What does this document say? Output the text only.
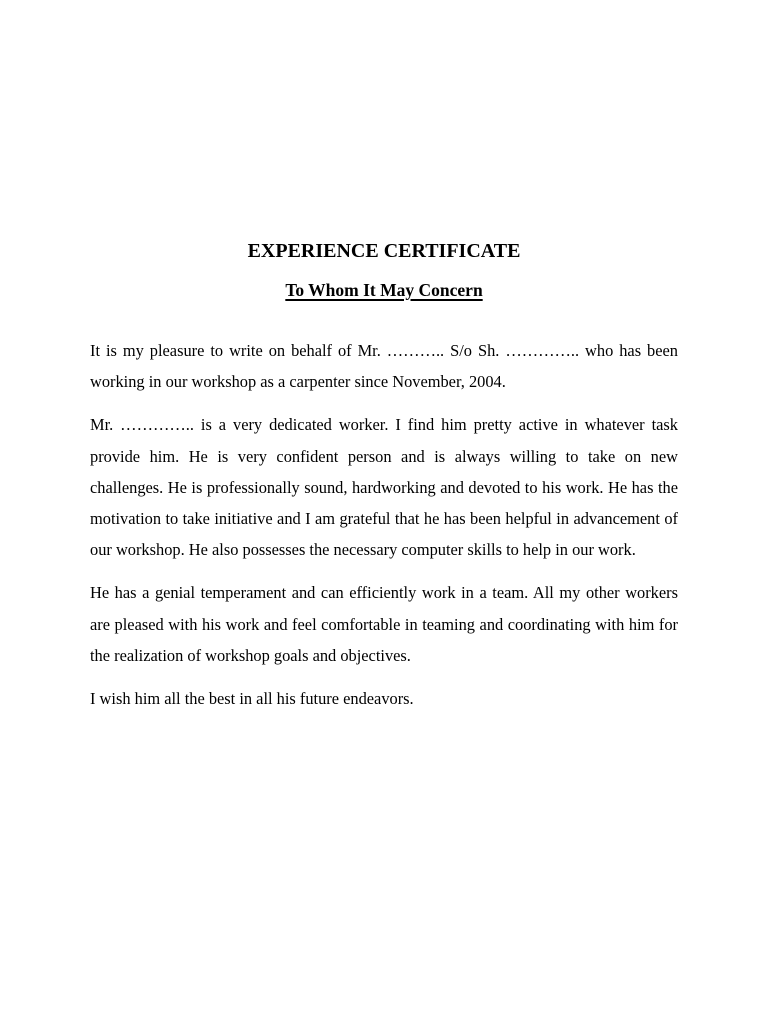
EXPERIENCE CERTIFICATE
To Whom It May Concern

It is my pleasure to write on behalf of Mr. ……….. S/o Sh. ………….. who has been working in our workshop as a carpenter since November, 2004.

Mr. ………….. is a very dedicated worker. I find him pretty active in whatever task provide him. He is very confident person and is always willing to take on new challenges. He is professionally sound, hardworking and devoted to his work. He has the motivation to take initiative and I am grateful that he has been helpful in advancement of our workshop. He also possesses the necessary computer skills to help in our work.

He has a genial temperament and can efficiently work in a team. All my other workers are pleased with his work and feel comfortable in teaming and coordinating with him for the realization of workshop goals and objectives.

I wish him all the best in all his future endeavors.
